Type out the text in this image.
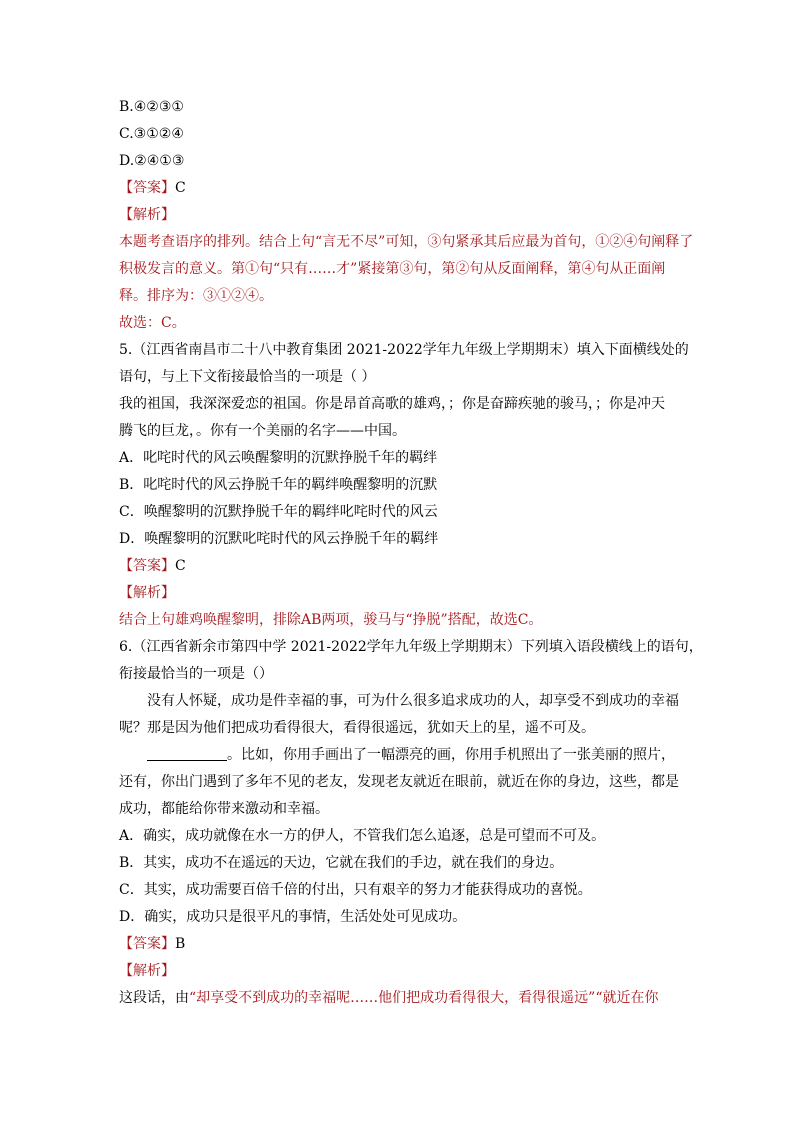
B.④②③①
C.③①②④
D.②④①③
【答案】C
【解析】
本题考查语序的排列。结合上句“言无不尽”可知，③句紧承其后应最为首句，①②④句阐释了
积极发言的意义。第①句“只有……才”紧接第③句，第②句从反面阐释，第④句从正面阐
释。排序为：③①②④。
故选：C。
5.（江西省南昌市二十八中教育集团 2021-2022学年九年级上学期期末）填入下面横线处的
语句，与上下文衔接最恰当的一项是（ ）
我的祖国，我深深爱恋的祖国。你是昂首高歌的雄鸡，；你是奋蹄疾驰的骏马，；你是冲天
腾飞的巨龙，。你有一个美丽的名字——中国。
A．叱咤时代的风云唤醒黎明的沉默挣脱千年的羁绊
B．叱咤时代的风云挣脱千年的羁绊唤醒黎明的沉默
C．唤醒黎明的沉默挣脱千年的羁绊叱咤时代的风云
D．唤醒黎明的沉默叱咤时代的风云挣脱千年的羁绊
【答案】C
【解析】
结合上句雄鸡唤醒黎明，排除AB两项，骏马与“挣脱”搭配，故选C。
6.（江西省新余市第四中学 2021-2022学年九年级上学期期末）下列填入语段横线上的语句，
衔接最恰当的一项是（）
没有人怀疑，成功是件幸福的事，可为什么很多追求成功的人，却享受不到成功的幸福
呢？那是因为他们把成功看得很大，看得很遥远，犹如天上的星，遥不可及。
。比如，你用手画出了一幅漂亮的画，你用手机照出了一张美丽的照片，
还有，你出门遇到了多年不见的老友，发现老友就近在眼前，就近在你的身边，这些，都是
成功，都能给你带来激动和幸福。
A．确实，成功就像在水一方的伊人，不管我们怎么追逐，总是可望而不可及。
B．其实，成功不在遥远的天边，它就在我们的手边，就在我们的身边。
C．其实，成功需要百倍千倍的付出，只有艰辛的努力才能获得成功的喜悦。
D．确实，成功只是很平凡的事情，生活处处可见成功。
【答案】B
【解析】
这段话，由“却享受不到成功的幸福呢……他们把成功看得很大，看得很遥远”“就近在你
